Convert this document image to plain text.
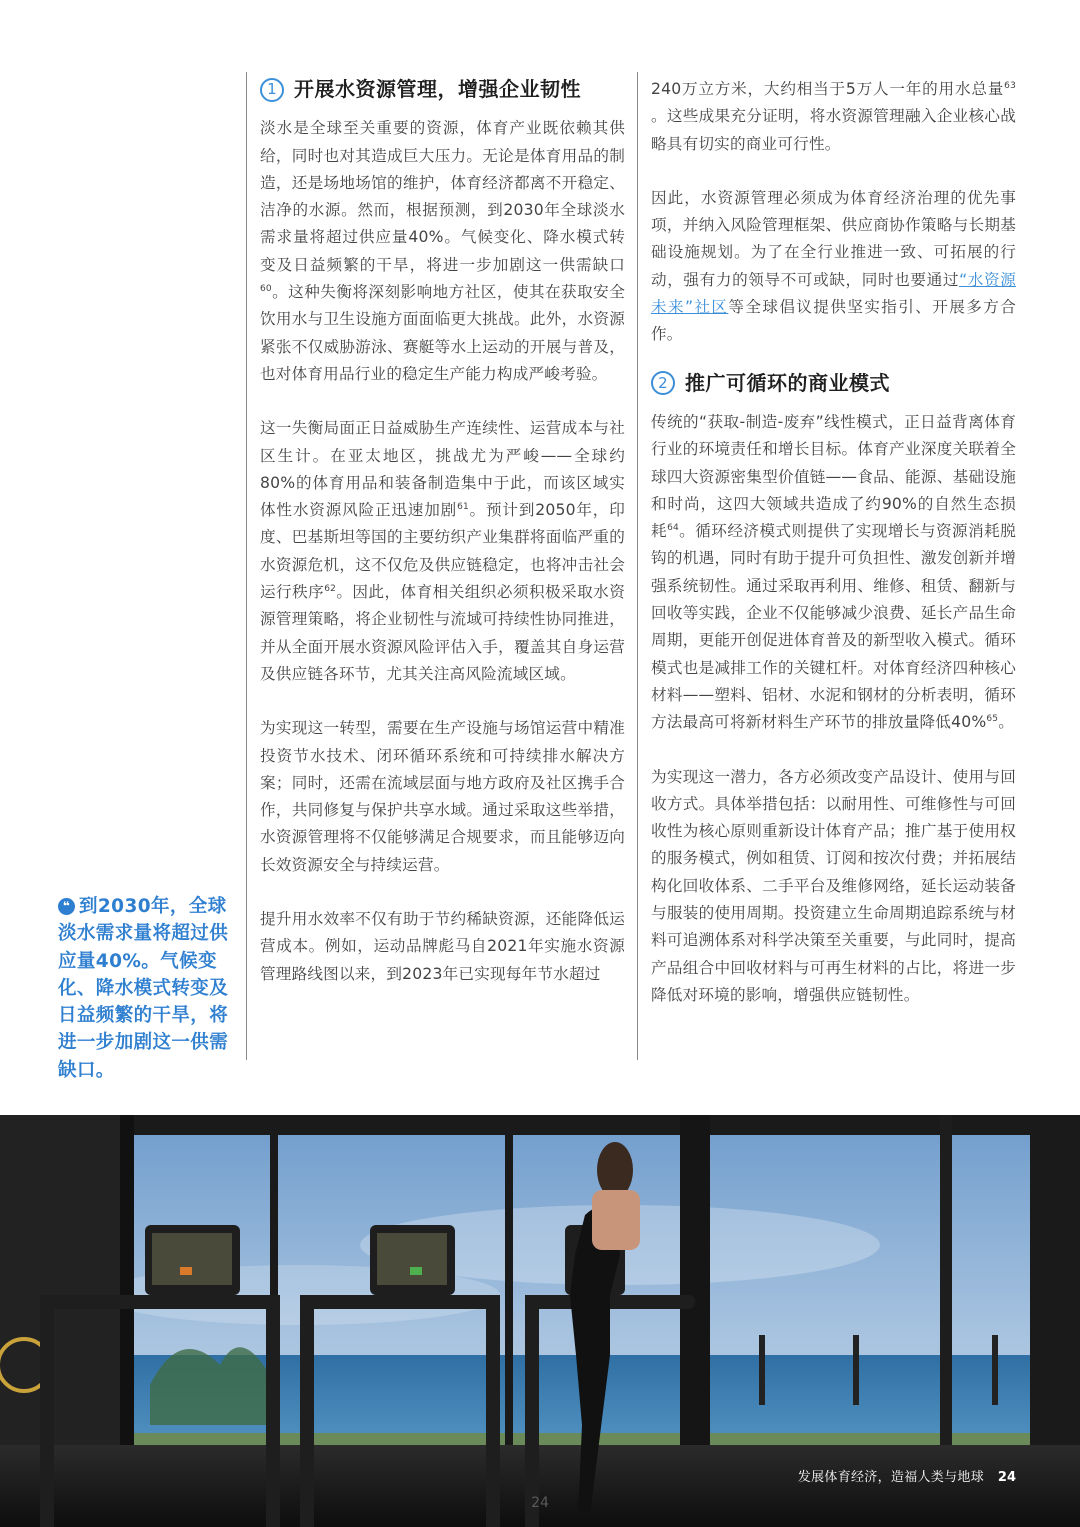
1 开展水资源管理，增强企业韧性

淡水是全球至关重要的资源，体育产业既依赖其供给，同时也对其造成巨大压力。无论是体育用品的制造，还是场地场馆的维护，体育经济都离不开稳定、洁净的水源。然而，根据预测，到2030年全球淡水需求量将超过供应量40%。气候变化、降水模式转变及日益频繁的干旱，将进一步加剧这一供需缺口$^{60}$。这种失衡将深刻影响地方社区，使其在获取安全饮用水与卫生设施方面面临更大挑战。此外，水资源紧张不仅威胁游泳、赛艇等水上运动的开展与普及，也对体育用品行业的稳定生产能力构成严峻考验。

这一失衡局面正日益威胁生产连续性、运营成本与社区生计。在亚太地区，挑战尤为严峻——全球约80%的体育用品和装备制造集中于此，而该区域实体性水资源风险正迅速加剧$^{61}$。预计到2050年，印度、巴基斯坦等国的主要纺织产业集群将面临严重的水资源危机，这不仅危及供应链稳定，也将冲击社会运行秩序$^{62}$。因此，体育相关组织必须积极采取水资源管理策略，将企业韧性与流域可持续性协同推进，并从全面开展水资源风险评估入手，覆盖其自身运营及供应链各环节，尤其关注高风险流域区域。

为实现这一转型，需要在生产设施与场馆运营中精准投资节水技术、闭环循环系统和可持续排水解决方案；同时，还需在流域层面与地方政府及社区携手合作，共同修复与保护共享水域。通过采取这些举措，水资源管理将不仅能够满足合规要求，而且能够迈向长效资源安全与持续运营。

提升用水效率不仅有助于节约稀缺资源，还能降低运营成本。例如，运动品牌彪马自2021年实施水资源管理路线图以来，到2023年已实现每年节水超过

240万立方米，大约相当于5万人一年的用水总量$^{63}$ 。这些成果充分证明，将水资源管理融入企业核心战略具有切实的商业可行性。

因此，水资源管理必须成为体育经济治理的优先事项，并纳入风险管理框架、供应商协作策略与长期基础设施规划。为了在全行业推进一致、可拓展的行动，强有力的领导不可或缺，同时也要通过“水资源未来”社区等全球倡议提供坚实指引、开展多方合作。

2 推广可循环的商业模式

传统的“获取-制造-废弃”线性模式，正日益背离体育行业的环境责任和增长目标。体育产业深度关联着全球四大资源密集型价值链——食品、能源、基础设施和时尚，这四大领域共造成了约90%的自然生态损耗$^{64}$。循环经济模式则提供了实现增长与资源消耗脱钩的机遇，同时有助于提升可负担性、激发创新并增强系统韧性。通过采取再利用、维修、租赁、翻新与回收等实践，企业不仅能够减少浪费、延长产品生命周期，更能开创促进体育普及的新型收入模式。循环模式也是减排工作的关键杠杆。对体育经济四种核心材料——塑料、铝材、水泥和钢材的分析表明，循环方法最高可将新材料生产环节的排放量降低40%$^{65}$。

为实现这一潜力，各方必须改变产品设计、使用与回收方式。具体举措包括：以耐用性、可维修性与可回收性为核心原则重新设计体育产品；推广基于使用权的服务模式，例如租赁、订阅和按次付费；并拓展结构化回收体系、二手平台及维修网络，延长运动装备与服装的使用周期。投资建立生命周期追踪系统与材料可追溯体系对科学决策至关重要，与此同时，提高产品组合中回收材料与可再生材料的占比，将进一步降低对环境的影响，增强供应链韧性。

❝ 到2030年，全球淡水需求量将超过供应量40%。气候变化、降水模式转变及日益频繁的干旱，将进一步加剧这一供需缺口。
24
发展体育经济，造福人类与地球 24
